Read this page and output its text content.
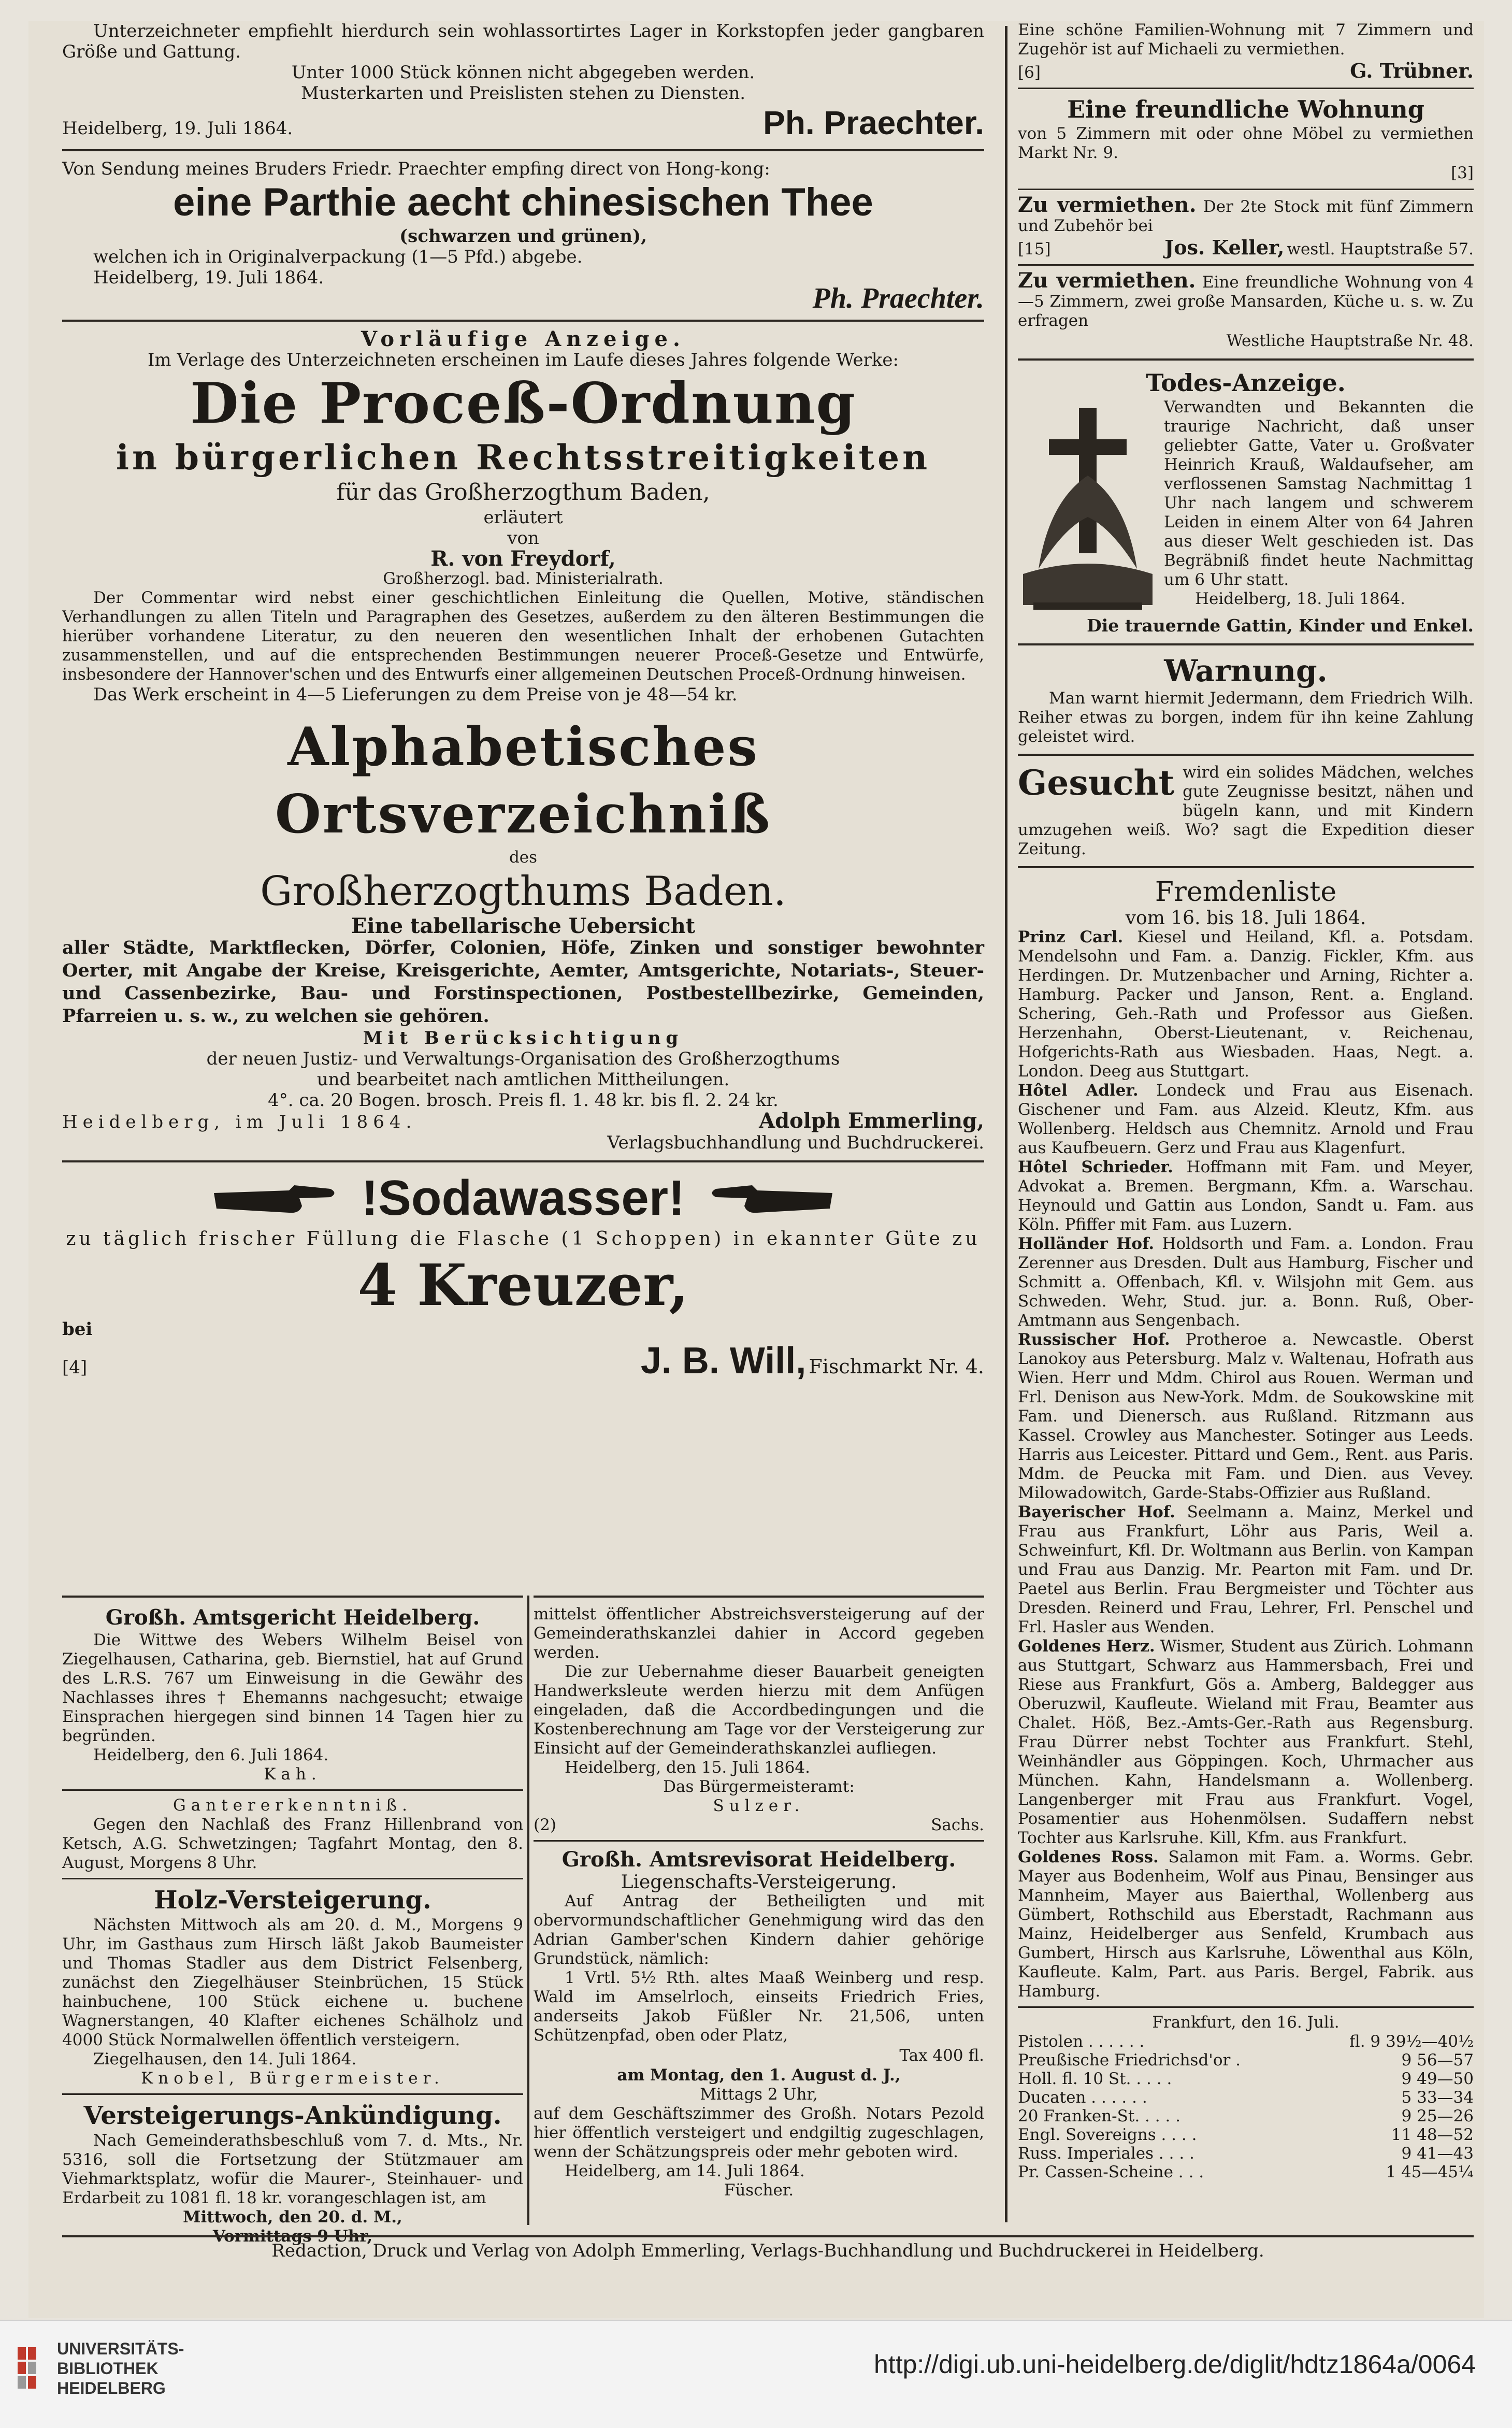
Unterzeichneter empfiehlt hierdurch sein wohlassortirtes Lager in Korkstopfen jeder gangbaren Größe und Gattung.

Unter 1000 Stück können nicht abgegeben werden.

Musterkarten und Preislisten stehen zu Diensten.

Heidelberg, 19. Juli 1864.	Ph. Praechter.

Von Sendung meines Bruders Friedr. Praechter empfing direct von Hong-kong:

eine Parthie aecht chinesischen Thee

(schwarzen und grünen),

welchen ich in Originalverpackung (1—5 Pfd.) abgebe.

Heidelberg, 19. Juli 1864.

Ph. Praechter.

Vorläufige Anzeige.

Im Verlage des Unterzeichneten erscheinen im Laufe dieses Jahres folgende Werke:

Die Proceß-Ordnung

in bürgerlichen Rechtsstreitigkeiten

für das Großherzogthum Baden,

erläutert

von

R. von Freydorf,

Großherzogl. bad. Ministerialrath.

Der Commentar wird nebst einer geschichtlichen Einleitung die Quellen, Motive, ständischen Verhandlungen zu allen Titeln und Paragraphen des Gesetzes, außerdem zu den älteren Bestimmungen die hierüber vorhandene Literatur, zu den neueren den wesentlichen Inhalt der erhobenen Gutachten zusammenstellen, und auf die entsprechenden Bestimmungen neuerer Proceß-Gesetze und Entwürfe, insbesondere der Hannover'schen und des Entwurfs einer allgemeinen Deutschen Proceß-Ordnung hinweisen.

Das Werk erscheint in 4—5 Lieferungen zu dem Preise von je 48—54 kr.

Alphabetisches Ortsverzeichniß

des

Großherzogthums Baden.

Eine tabellarische Uebersicht

aller Städte, Marktflecken, Dörfer, Colonien, Höfe, Zinken und sonstiger bewohnter Oerter, mit Angabe der Kreise, Kreisgerichte, Aemter, Amtsgerichte, Notariats-, Steuer- und Cassenbezirke, Bau- und Forstinspectionen, Postbestellbezirke, Gemeinden, Pfarreien u. s. w., zu welchen sie gehören.

Mit Berücksichtigung

der neuen Justiz- und Verwaltungs-Organisation des Großherzogthums

und bearbeitet nach amtlichen Mittheilungen.

4°. ca. 20 Bogen. brosch. Preis fl. 1. 48 kr. bis fl. 2. 24 kr.

Heidelberg, im Juli 1864.	Adolph Emmerling,

Verlagsbuchhandlung und Buchdruckerei.

!Sodawasser!

zu täglich frischer Füllung die Flasche (1 Schoppen) in ekannter Güte zu

4 Kreuzer,

bei

[4]	J. B. Will, Fischmarkt Nr. 4.

Großh. Amtsgericht Heidelberg.

Die Wittwe des Webers Wilhelm Beisel von Ziegelhausen, Catharina, geb. Biernstiel, hat auf Grund des L.R.S. 767 um Einweisung in die Gewähr des Nachlasses ihres † Ehemanns nachgesucht; etwaige Einsprachen hiergegen sind binnen 14 Tagen hier zu begründen.

Heidelberg, den 6. Juli 1864.

Kah.

Gantererkenntniß.

Gegen den Nachlaß des Franz Hillenbrand von Ketsch, A.G. Schwetzingen; Tagfahrt Montag, den 8. August, Morgens 8 Uhr.

Holz-Versteigerung.

Nächsten Mittwoch als am 20. d. M., Morgens 9 Uhr, im Gasthaus zum Hirsch läßt Jakob Baumeister und Thomas Stadler aus dem District Felsenberg, zunächst den Ziegelhäuser Steinbrüchen, 15 Stück hainbuchene, 100 Stück eichene u. buchene Wagnerstangen, 40 Klafter eichenes Schälholz und 4000 Stück Normalwellen öffentlich versteigern.

Ziegelhausen, den 14. Juli 1864.

Knobel, Bürgermeister.

Versteigerungs-Ankündigung.

Nach Gemeinderathsbeschluß vom 7. d. Mts., Nr. 5316, soll die Fortsetzung der Stützmauer am Viehmarktsplatz, wofür die Maurer-, Steinhauer- und Erdarbeit zu 1081 fl. 18 kr. vorangeschlagen ist, am

Mittwoch, den 20. d. M.,

Vormittags 9 Uhr,

mittelst öffentlicher Abstreichsversteigerung auf der Gemeinderathskanzlei dahier in Accord gegeben werden.

Die zur Uebernahme dieser Bauarbeit geneigten Handwerksleute werden hierzu mit dem Anfügen eingeladen, daß die Accordbedingungen und die Kostenberechnung am Tage vor der Versteigerung zur Einsicht auf der Gemeinderathskanzlei aufliegen.

Heidelberg, den 15. Juli 1864.

Das Bürgermeisteramt:

Sulzer.

(2)	Sachs.

Großh. Amtsrevisorat Heidelberg.

Liegenschafts-Versteigerung.

Auf Antrag der Betheiligten und mit obervormundschaftlicher Genehmigung wird das den Adrian Gamber'schen Kindern dahier gehörige Grundstück, nämlich:

1 Vrtl. 5½ Rth. altes Maaß Weinberg und resp. Wald im Amselrloch, einseits Friedrich Fries, anderseits Jakob Füßler Nr. 21,506, unten Schützenpfad, oben oder Platz,

Tax 400 fl.

am Montag, den 1. August d. J.,

Mittags 2 Uhr,

auf dem Geschäftszimmer des Großh. Notars Pezold hier öffentlich versteigert und endgiltig zugeschlagen, wenn der Schätzungspreis oder mehr geboten wird.

Heidelberg, am 14. Juli 1864.

Füscher.

Eine schöne Familien-Wohnung mit 7 Zimmern und Zugehör ist auf Michaeli zu vermiethen.

[6]	G. Trübner.

Eine freundliche Wohnung

von 5 Zimmern mit oder ohne Möbel zu vermiethen Markt Nr. 9.

[3]

Zu vermiethen. Der 2te Stock mit fünf Zimmern und Zubehör bei

[15]	Jos. Keller, westl. Hauptstraße 57.

Zu vermiethen. Eine freundliche Wohnung von 4—5 Zimmern, zwei große Mansarden, Küche u. s. w. Zu erfragen

Westliche Hauptstraße Nr. 48.

Todes-Anzeige.

Verwandten und Bekannten die traurige Nachricht, daß unser geliebter Gatte, Vater u. Großvater Heinrich Krauß, Waldaufseher, am verflossenen Samstag Nachmittag 1 Uhr nach langem und schwerem Leiden in einem Alter von 64 Jahren aus dieser Welt geschieden ist. Das Begräbniß findet heute Nachmittag um 6 Uhr statt.

Heidelberg, 18. Juli 1864.

Die trauernde Gattin, Kinder und Enkel.

Warnung.

Man warnt hiermit Jedermann, dem Friedrich Wilh. Reiher etwas zu borgen, indem für ihn keine Zahlung geleistet wird.

Gesucht wird ein solides Mädchen, welches gute Zeugnisse besitzt, nähen und bügeln kann, und mit Kindern umzugehen weiß. Wo? sagt die Expedition dieser Zeitung.

Fremdenliste

vom 16. bis 18. Juli 1864.

Prinz Carl. Kiesel und Heiland, Kfl. a. Potsdam. Mendelsohn und Fam. a. Danzig. Fickler, Kfm. aus Herdingen. Dr. Mutzenbacher und Arning, Richter a. Hamburg. Packer und Janson, Rent. a. England. Schering, Geh.-Rath und Professor aus Gießen. Herzenhahn, Oberst-Lieutenant, v. Reichenau, Hofgerichts-Rath aus Wiesbaden. Haas, Negt. a. London. Deeg aus Stuttgart.

Hôtel Adler. Londeck und Frau aus Eisenach. Gischener und Fam. aus Alzeid. Kleutz, Kfm. aus Wollenberg. Heldsch aus Chemnitz. Arnold und Frau aus Kaufbeuern. Gerz und Frau aus Klagenfurt.

Hôtel Schrieder. Hoffmann mit Fam. und Meyer, Advokat a. Bremen. Bergmann, Kfm. a. Warschau. Heynould und Gattin aus London, Sandt u. Fam. aus Köln. Pfiffer mit Fam. aus Luzern.

Holländer Hof. Holdsorth und Fam. a. London. Frau Zerenner aus Dresden. Dult aus Hamburg, Fischer und Schmitt a. Offenbach, Kfl. v. Wilsjohn mit Gem. aus Schweden. Wehr, Stud. jur. a. Bonn. Ruß, Ober-Amtmann aus Sengenbach.

Russischer Hof. Protheroe a. Newcastle. Oberst Lanokoy aus Petersburg. Malz v. Waltenau, Hofrath aus Wien. Herr und Mdm. Chirol aus Rouen. Werman und Frl. Denison aus New-York. Mdm. de Soukowskine mit Fam. und Dienersch. aus Rußland. Ritzmann aus Kassel. Crowley aus Manchester. Sotinger aus Leeds. Harris aus Leicester. Pittard und Gem., Rent. aus Paris. Mdm. de Peucka mit Fam. und Dien. aus Vevey. Milowadowitch, Garde-Stabs-Offizier aus Rußland.

Bayerischer Hof. Seelmann a. Mainz, Merkel und Frau aus Frankfurt, Löhr aus Paris, Weil a. Schweinfurt, Kfl. Dr. Woltmann aus Berlin. von Kampan und Frau aus Danzig. Mr. Pearton mit Fam. und Dr. Paetel aus Berlin. Frau Bergmeister und Töchter aus Dresden. Reinerd und Frau, Lehrer, Frl. Penschel und Frl. Hasler aus Wenden.

Goldenes Herz. Wismer, Student aus Zürich. Lohmann aus Stuttgart, Schwarz aus Hammersbach, Frei und Riese aus Frankfurt, Gös a. Amberg, Baldegger aus Oberuzwil, Kaufleute. Wieland mit Frau, Beamter aus Chalet. Höß, Bez.-Amts-Ger.-Rath aus Regensburg. Frau Dürrer nebst Tochter aus Frankfurt. Stehl, Weinhändler aus Göppingen. Koch, Uhrmacher aus München. Kahn, Handelsmann a. Wollenberg. Langenberger mit Frau aus Frankfurt. Vogel, Posamentier aus Hohenmölsen. Sudaffern nebst Tochter aus Karlsruhe. Kill, Kfm. aus Frankfurt.

Goldenes Ross. Salamon mit Fam. a. Worms. Gebr. Mayer aus Bodenheim, Wolf aus Pinau, Bensinger aus Mannheim, Mayer aus Baierthal, Wollenberg aus Gümbert, Rothschild aus Eberstadt, Rachmann aus Mainz, Heidelberger aus Senfeld, Krumbach aus Gumbert, Hirsch aus Karlsruhe, Löwenthal aus Köln, Kaufleute. Kalm, Part. aus Paris. Bergel, Fabrik. aus Hamburg.

Frankfurt, den 16. Juli.

Pistolen . . . . . .	fl. 9 39½—40½
Preußische Friedrichsd'or .	9 56—57
Holl. fl. 10 St. . . . .	9 49—50
Ducaten . . . . . .	5 33—34
20 Franken-St. . . . .	9 25—26
Engl. Sovereigns . . . .	11 48—52
Russ. Imperiales . . . .	9 41—43
Pr. Cassen-Scheine . . .	1 45—45¼
Redaction, Druck und Verlag von Adolph Emmerling, Verlags-Buchhandlung und Buchdruckerei in Heidelberg.
UNIVERSITÄTS-
BIBLIOTHEK
HEIDELBERG
http://digi.ub.uni-heidelberg.de/diglit/hdtz1864a/0064
